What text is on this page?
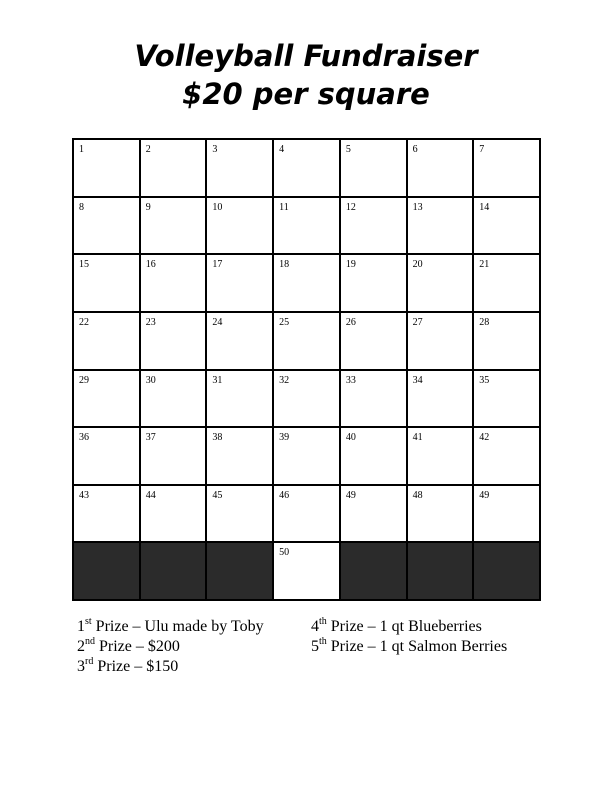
Volleyball Fundraiser
$20 per square
1	2	3	4	5	6	7
8	9	10	11	12	13	14
15	16	17	18	19	20	21
22	23	24	25	26	27	28
29	30	31	32	33	34	35
36	37	38	39	40	41	42
43	44	45	46	49	48	49
50
1st Prize – Ulu made by Toby
2nd Prize – $200
3rd Prize – $150
4th Prize – 1 qt Blueberries
5th Prize – 1 qt Salmon Berries
